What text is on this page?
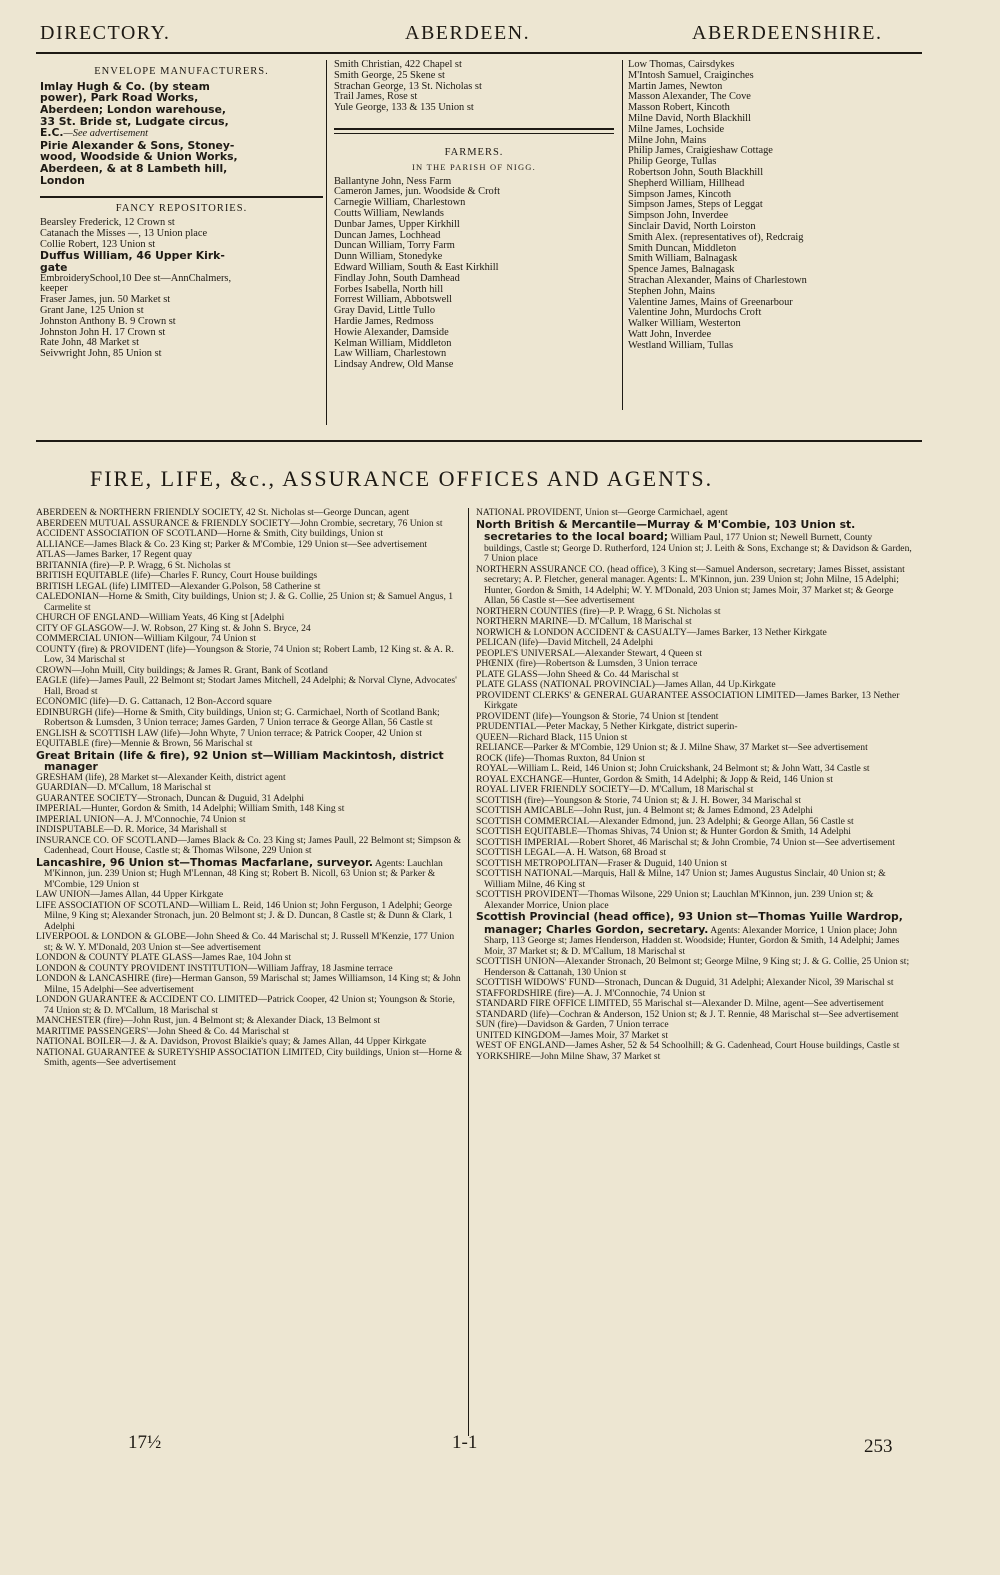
DIRECTORY.	ABERDEEN.	ABERDEENSHIRE.
ENVELOPE MANUFACTURERS.
Imlay Hugh & Co. (by steam
power), Park Road Works,
Aberdeen; London warehouse,
33 St. Bride st, Ludgate circus,
E.C.—See advertisement
Pirie Alexander & Sons, Stoney-
wood, Woodside & Union Works,
Aberdeen, & at 8 Lambeth hill,
London
FANCY REPOSITORIES.
Bearsley Frederick, 12 Crown st
Catanach the Misses —, 13 Union place
Collie Robert, 123 Union st
Duffus William, 46 Upper Kirk-
gate
EmbroiderySchool,10 Dee st—AnnChalmers,
keeper
Fraser James, jun. 50 Market st
Grant Jane, 125 Union st
Johnston Anthony B. 9 Crown st
Johnston John H. 17 Crown st
Rate John, 48 Market st
Seivwright John, 85 Union st
Smith Christian, 422 Chapel st
Smith George, 25 Skene st
Strachan George, 13 St. Nicholas st
Trail James, Rose st
Yule George, 133 & 135 Union st
FARMERS.
IN THE PARISH OF NIGG.
Ballantyne John, Ness Farm
Cameron James, jun. Woodside & Croft
Carnegie William, Charlestown
Coutts William, Newlands
Dunbar James, Upper Kirkhill
Duncan James, Lochhead
Duncan William, Torry Farm
Dunn William, Stonedyke
Edward William, South & East Kirkhill
Findlay John, South Damhead
Forbes Isabella, North hill
Forrest William, Abbotswell
Gray David, Little Tullo
Hardie James, Redmoss
Howie Alexander, Damside
Kelman William, Middleton
Law William, Charlestown
Lindsay Andrew, Old Manse
Low Thomas, Cairsdykes
M'Intosh Samuel, Craiginches
Martin James, Newton
Masson Alexander, The Cove
Masson Robert, Kincoth
Milne David, North Blackhill
Milne James, Lochside
Milne John, Mains
Philip James, Craigieshaw Cottage
Philip George, Tullas
Robertson John, South Blackhill
Shepherd William, Hillhead
Simpson James, Kincoth
Simpson James, Steps of Leggat
Simpson John, Inverdee
Sinclair David, North Loirston
Smith Alex. (representatives of), Redcraig
Smith Duncan, Middleton
Smith William, Balnagask
Spence James, Balnagask
Strachan Alexander, Mains of Charlestown
Stephen John, Mains
Valentine James, Mains of Greenarbour
Valentine John, Murdochs Croft
Walker William, Westerton
Watt John, Inverdee
Westland William, Tullas
FIRE, LIFE, &c., ASSURANCE OFFICES AND AGENTS.
ABERDEEN & NORTHERN FRIENDLY SOCIETY, 42 St. Nicholas st—George Duncan, agent
ABERDEEN MUTUAL ASSURANCE & FRIENDLY SOCIETY—John Crombie, secretary, 76 Union st
ACCIDENT ASSOCIATION OF SCOTLAND—Horne & Smith, City buildings, Union st
ALLIANCE—James Black & Co. 23 King st; Parker & M'Combie, 129 Union st—See advertisement
ATLAS—James Barker, 17 Regent quay
BRITANNIA (fire)—P. P. Wragg, 6 St. Nicholas st
BRITISH EQUITABLE (life)—Charles F. Runcy, Court House buildings
BRITISH LEGAL (life) LIMITED—Alexander G.Polson, 58 Catherine st
CALEDONIAN—Horne & Smith, City buildings, Union st; J. & G. Collie, 25 Union st; & Samuel Angus, 1 Carmelite st
CHURCH OF ENGLAND—William Yeats, 46 King st [Adelphi
CITY OF GLASGOW—J. W. Robson, 27 King st. & John S. Bryce, 24
COMMERCIAL UNION—William Kilgour, 74 Union st
COUNTY (fire) & PROVIDENT (life)—Youngson & Storie, 74 Union st; Robert Lamb, 12 King st. & A. R. Low, 34 Marischal st
CROWN—John Muill, City buildings; & James R. Grant, Bank of Scotland
EAGLE (life)—James Paull, 22 Belmont st; Stodart James Mitchell, 24 Adelphi; & Norval Clyne, Advocates' Hall, Broad st
ECONOMIC (life)—D. G. Cattanach, 12 Bon-Accord square
EDINBURGH (life)—Horne & Smith, City buildings, Union st; G. Carmichael, North of Scotland Bank; Robertson & Lumsden, 3 Union terrace; James Garden, 7 Union terrace & George Allan, 56 Castle st
ENGLISH & SCOTTISH LAW (life)—John Whyte, 7 Union terrace; & Patrick Cooper, 42 Union st
EQUITABLE (fire)—Mennie & Brown, 56 Marischal st
Great Britain (life & fire), 92 Union st—William Mackintosh, district manager
GRESHAM (life), 28 Market st—Alexander Keith, district agent
GUARDIAN—D. M'Callum, 18 Marischal st
GUARANTEE SOCIETY—Stronach, Duncan & Duguid, 31 Adelphi
IMPERIAL—Hunter, Gordon & Smith, 14 Adelphi; William Smith, 148 King st
IMPERIAL UNION—A. J. M'Connochie, 74 Union st
INDISPUTABLE—D. R. Morice, 34 Marishall st
INSURANCE CO. OF SCOTLAND—James Black & Co. 23 King st; James Paull, 22 Belmont st; Simpson & Cadenhead, Court House, Castle st; & Thomas Wilsone, 229 Union st
Lancashire, 96 Union st—Thomas Macfarlane, surveyor. Agents: Lauchlan M'Kinnon, jun. 239 Union st; Hugh M'Lennan, 48 King st; Robert B. Nicoll, 63 Union st; & Parker & M'Combie, 129 Union st
LAW UNION—James Allan, 44 Upper Kirkgate
LIFE ASSOCIATION OF SCOTLAND—William L. Reid, 146 Union st; John Ferguson, 1 Adelphi; George Milne, 9 King st; Alexander Stronach, jun. 20 Belmont st; J. & D. Duncan, 8 Castle st; & Dunn & Clark, 1 Adelphi
LIVERPOOL & LONDON & GLOBE—John Sheed & Co. 44 Marischal st; J. Russell M'Kenzie, 177 Union st; & W. Y. M'Donald, 203 Union st—See advertisement
LONDON & COUNTY PLATE GLASS—James Rae, 104 John st
LONDON & COUNTY PROVIDENT INSTITUTION—William Jaffray, 18 Jasmine terrace
LONDON & LANCASHIRE (fire)—Herman Ganson, 59 Marischal st; James Williamson, 14 King st; & John Milne, 15 Adelphi—See advertisement
LONDON GUARANTEE & ACCIDENT CO. LIMITED—Patrick Cooper, 42 Union st; Youngson & Storie, 74 Union st; & D. M'Callum, 18 Marischal st
MANCHESTER (fire)—John Rust, jun. 4 Belmont st; & Alexander Diack, 13 Belmont st
MARITIME PASSENGERS'—John Sheed & Co. 44 Marischal st
NATIONAL BOILER—J. & A. Davidson, Provost Blaikie's quay; & James Allan, 44 Upper Kirkgate
NATIONAL GUARANTEE & SURETYSHIP ASSOCIATION LIMITED, City buildings, Union st—Horne & Smith, agents—See advertisement
NATIONAL PROVIDENT, Union st—George Carmichael, agent
North British & Mercantile—Murray & M'Combie, 103 Union st. secretaries to the local board; William Paul, 177 Union st; Newell Burnett, County buildings, Castle st; George D. Rutherford, 124 Union st; J. Leith & Sons, Exchange st; & Davidson & Garden, 7 Union place
NORTHERN ASSURANCE CO. (head office), 3 King st—Samuel Anderson, secretary; James Bisset, assistant secretary; A. P. Fletcher, general manager. Agents: L. M'Kinnon, jun. 239 Union st; John Milne, 15 Adelphi; Hunter, Gordon & Smith, 14 Adelphi; W. Y. M'Donald, 203 Union st; James Moir, 37 Market st; & George Allan, 56 Castle st—See advertisement
NORTHERN COUNTIES (fire)—P. P. Wragg, 6 St. Nicholas st
NORTHERN MARINE—D. M'Callum, 18 Marischal st
NORWICH & LONDON ACCIDENT & CASUALTY—James Barker, 13 Nether Kirkgate
PELICAN (life)—David Mitchell, 24 Adelphi
PEOPLE'S UNIVERSAL—Alexander Stewart, 4 Queen st
PHŒNIX (fire)—Robertson & Lumsden, 3 Union terrace
PLATE GLASS—John Sheed & Co. 44 Marischal st
PLATE GLASS (NATIONAL PROVINCIAL)—James Allan, 44 Up.Kirkgate
PROVIDENT CLERKS' & GENERAL GUARANTEE ASSOCIATION LIMITED—James Barker, 13 Nether Kirkgate
PROVIDENT (life)—Youngson & Storie, 74 Union st [tendent
PRUDENTIAL—Peter Mackay, 5 Nether Kirkgate, district superin-
QUEEN—Richard Black, 115 Union st
RELIANCE—Parker & M'Combie, 129 Union st; & J. Milne Shaw, 37 Market st—See advertisement
ROCK (life)—Thomas Ruxton, 84 Union st
ROYAL—William L. Reid, 146 Union st; John Cruickshank, 24 Belmont st; & John Watt, 34 Castle st
ROYAL EXCHANGE—Hunter, Gordon & Smith, 14 Adelphi; & Jopp & Reid, 146 Union st
ROYAL LIVER FRIENDLY SOCIETY—D. M'Callum, 18 Marischal st
SCOTTISH (fire)—Youngson & Storie, 74 Union st; & J. H. Bower, 34 Marischal st
SCOTTISH AMICABLE—John Rust, jun. 4 Belmont st; & James Edmond, 23 Adelphi
SCOTTISH COMMERCIAL—Alexander Edmond, jun. 23 Adelphi; & George Allan, 56 Castle st
SCOTTISH EQUITABLE—Thomas Shivas, 74 Union st; & Hunter Gordon & Smith, 14 Adelphi
SCOTTISH IMPERIAL—Robert Shoret, 46 Marischal st; & John Crombie, 74 Union st—See advertisement
SCOTTISH LEGAL—A. H. Watson, 68 Broad st
SCOTTISH METROPOLITAN—Fraser & Duguid, 140 Union st
SCOTTISH NATIONAL—Marquis, Hall & Milne, 147 Union st; James Augustus Sinclair, 40 Union st; & William Milne, 46 King st
SCOTTISH PROVIDENT—Thomas Wilsone, 229 Union st; Lauchlan M'Kinnon, jun. 239 Union st; & Alexander Morrice, Union place
Scottish Provincial (head office), 93 Union st—Thomas Yuille Wardrop, manager; Charles Gordon, secretary. Agents: Alexander Morrice, 1 Union place; John Sharp, 113 George st; James Henderson, Hadden st. Woodside; Hunter, Gordon & Smith, 14 Adelphi; James Moir, 37 Market st; & D. M'Callum, 18 Marischal st
SCOTTISH UNION—Alexander Stronach, 20 Belmont st; George Milne, 9 King st; J. & G. Collie, 25 Union st; Henderson & Cattanah, 130 Union st
SCOTTISH WIDOWS' FUND—Stronach, Duncan & Duguid, 31 Adelphi; Alexander Nicol, 39 Marischal st
STAFFORDSHIRE (fire)—A. J. M'Connochie, 74 Union st
STANDARD FIRE OFFICE LIMITED, 55 Marischal st—Alexander D. Milne, agent—See advertisement
STANDARD (life)—Cochran & Anderson, 152 Union st; & J. T. Rennie, 48 Marischal st—See advertisement
SUN (fire)—Davidson & Garden, 7 Union terrace
UNITED KINGDOM—James Moir, 37 Market st
WEST OF ENGLAND—James Asher, 52 & 54 Schoolhill; & G. Cadenhead, Court House buildings, Castle st
YORKSHIRE—John Milne Shaw, 37 Market st
17½	1-1	253
